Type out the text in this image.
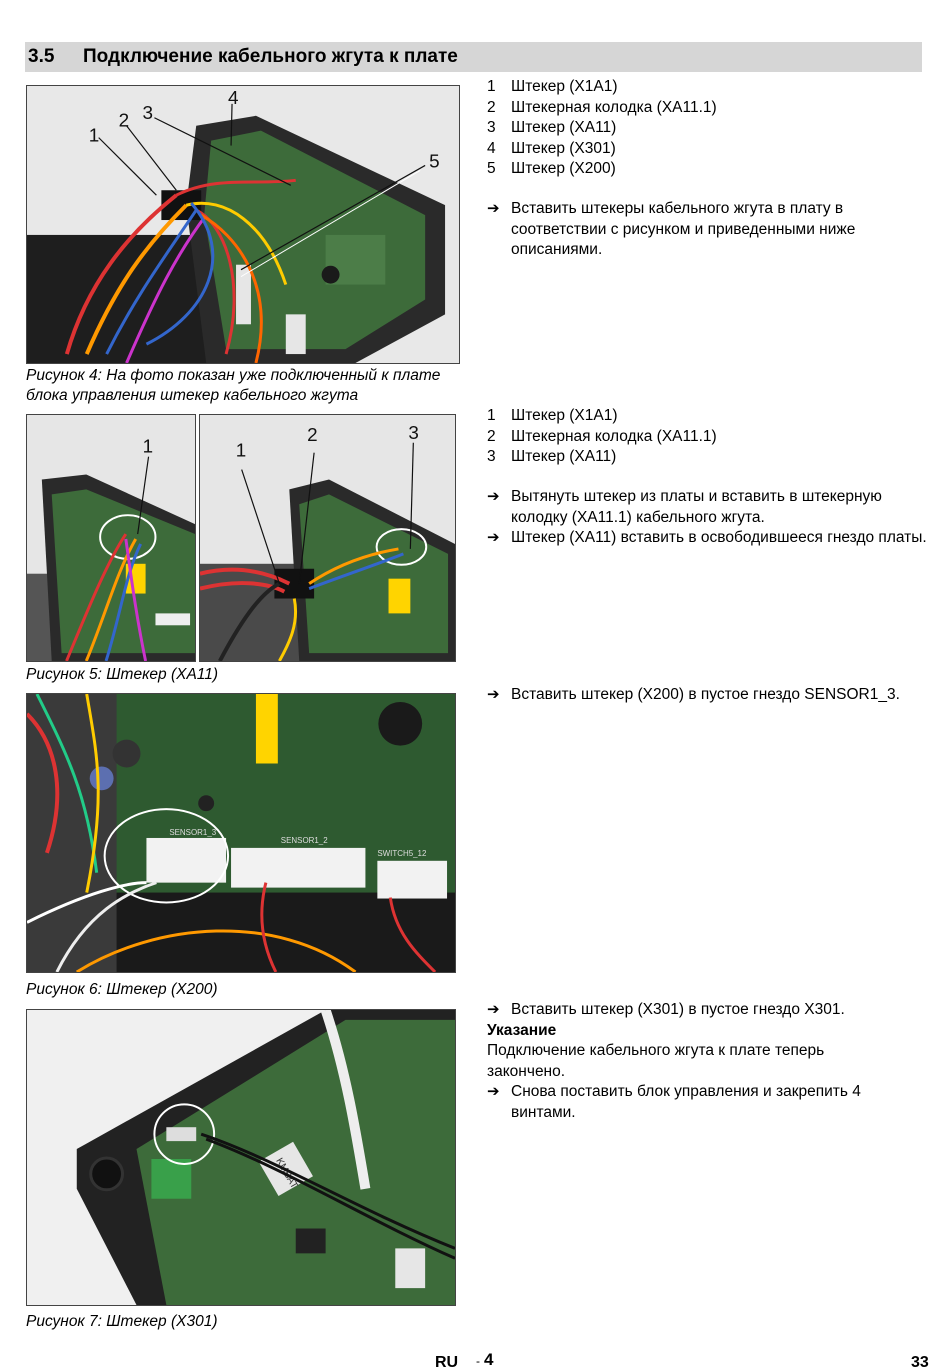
3.5 Подключение кабельного жгута к плате
1
2 3
4
5
Рисунок 4: На фото показан уже подключенный к плате блока управления штекер кабельного жгута
1 Штекер (X1A1)
2 Штекерная колодка (XA11.1)
3 Штекер (XA11)
4 Штекер (X301)
5 Штекер (X200)
➔ Вставить штекеры кабельного жгута в плату в соответствии с рисунком и приведенными ниже описаниями.
1	1
2	3
Рисунок 5: Штекер (XA11)
1 Штекер (X1A1)
2 Штекерная колодка (XA11.1)
3 Штекер (XA11)
➔ Вытянуть штекер из платы и вставить в штекерную колодку (XA11.1) кабельного жгута.
➔ Штекер (XA11) вставить в освободившееся гнездо платы.
SENSOR1_3
SENSOR1_2
SWITCH5_12
Рисунок 6: Штекер (X200)
➔ Вставить штекер (X200) в пустое гнездо SENSOR1_3.
KMBAT
Рисунок 7: Штекер (X301)
➔ Вставить штекер (X301) в пустое гнездо X301.
Указание
Подключение кабельного жгута к плате теперь закончено.
➔ Снова поставить блок управления и закрепить 4 винтами.
RU - 4	33
